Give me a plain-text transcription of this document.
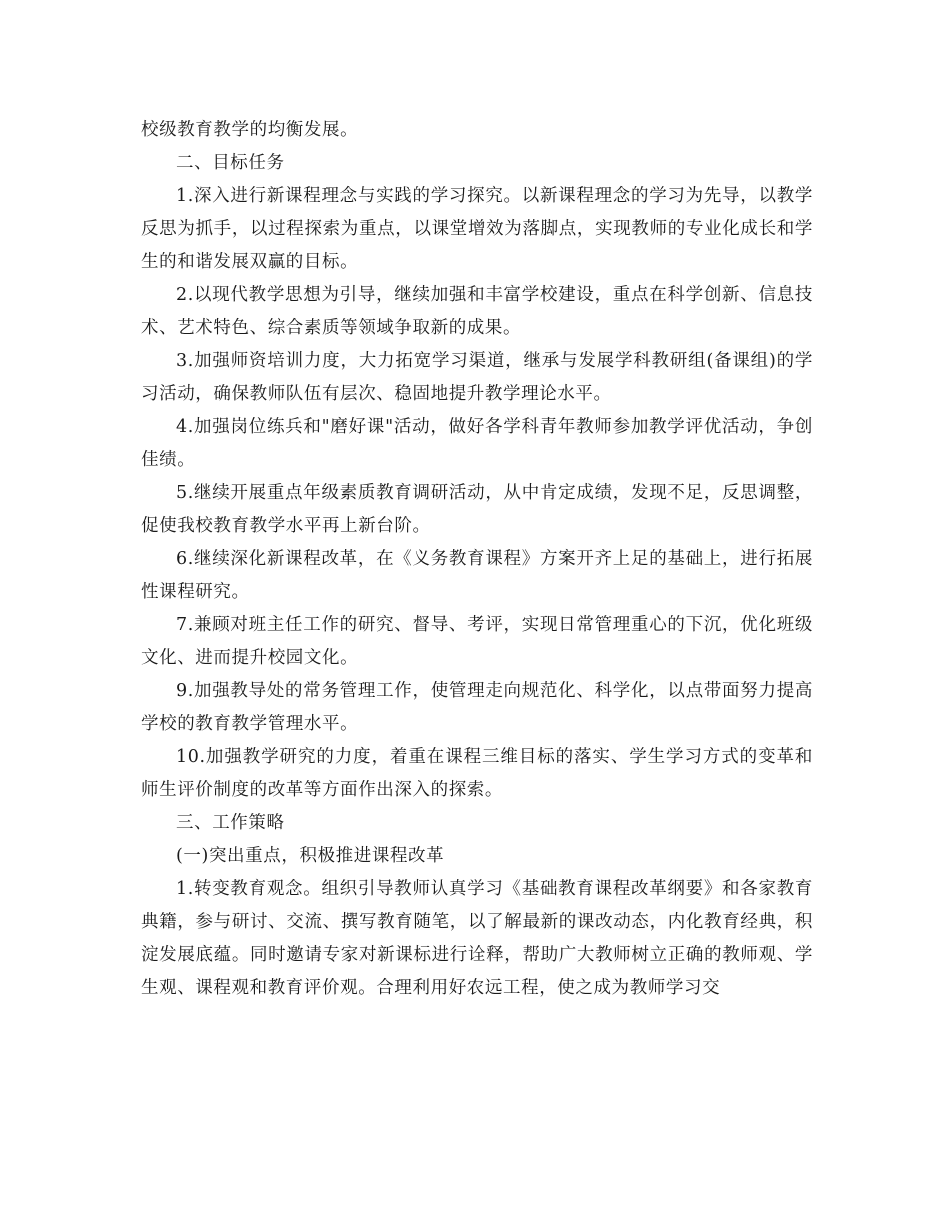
校级教育教学的均衡发展。

二、目标任务

1.深入进行新课程理念与实践的学习探究。以新课程理念的学习为先导，以教学反思为抓手，以过程探索为重点，以课堂增效为落脚点，实现教师的专业化成长和学生的和谐发展双赢的目标。

2.以现代教学思想为引导，继续加强和丰富学校建设，重点在科学创新、信息技术、艺术特色、综合素质等领域争取新的成果。

3.加强师资培训力度，大力拓宽学习渠道，继承与发展学科教研组(备课组)的学习活动，确保教师队伍有层次、稳固地提升教学理论水平。

4.加强岗位练兵和"磨好课"活动，做好各学科青年教师参加教学评优活动，争创佳绩。

5.继续开展重点年级素质教育调研活动，从中肯定成绩，发现不足，反思调整，促使我校教育教学水平再上新台阶。

6.继续深化新课程改革，在《义务教育课程》方案开齐上足的基础上，进行拓展性课程研究。

7.兼顾对班主任工作的研究、督导、考评，实现日常管理重心的下沉，优化班级文化、进而提升校园文化。

9.加强教导处的常务管理工作，使管理走向规范化、科学化，以点带面努力提高学校的教育教学管理水平。

10.加强教学研究的力度，着重在课程三维目标的落实、学生学习方式的变革和师生评价制度的改革等方面作出深入的探索。

三、工作策略

(一)突出重点，积极推进课程改革

1.转变教育观念。组织引导教师认真学习《基础教育课程改革纲要》和各家教育典籍，参与研讨、交流、撰写教育随笔，以了解最新的课改动态，内化教育经典，积淀发展底蕴。同时邀请专家对新课标进行诠释，帮助广大教师树立正确的教师观、学生观、课程观和教育评价观。合理利用好农远工程，使之成为教师学习交
